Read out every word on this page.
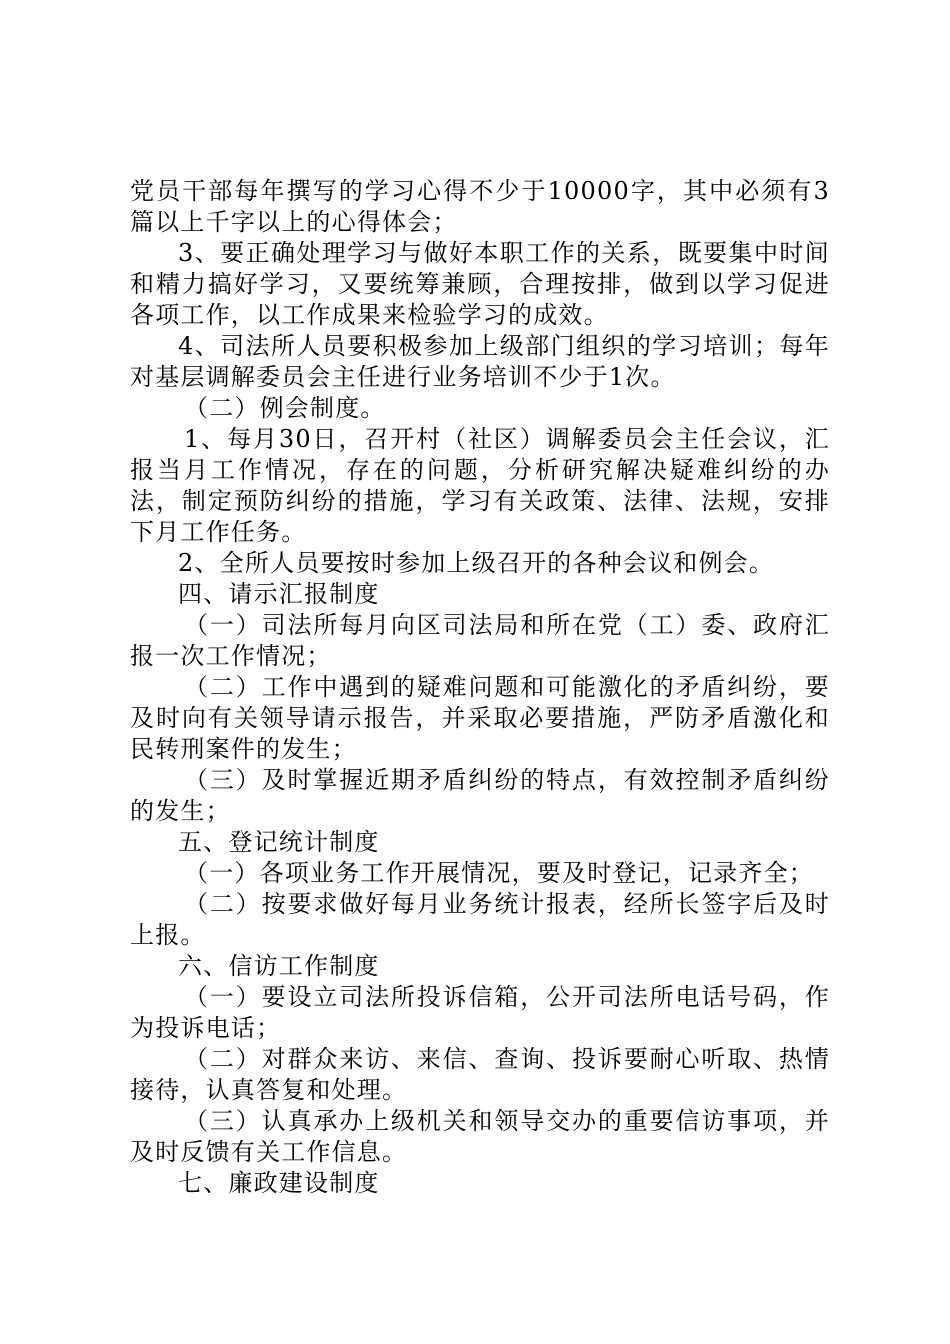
党员干部每年撰写的学习心得不少于10000字，其中必须有3篇以上千字以上的心得体会；

3、要正确处理学习与做好本职工作的关系，既要集中时间和精力搞好学习，又要统筹兼顾，合理按排，做到以学习促进各项工作，以工作成果来检验学习的成效。

4、司法所人员要积极参加上级部门组织的学习培训；每年对基层调解委员会主任进行业务培训不少于1次。

（二）例会制度。

1、每月30日，召开村（社区）调解委员会主任会议，汇报当月工作情况，存在的问题，分析研究解决疑难纠纷的办法，制定预防纠纷的措施，学习有关政策、法律、法规，安排下月工作任务。

2、全所人员要按时参加上级召开的各种会议和例会。

四、请示汇报制度

（一）司法所每月向区司法局和所在党（工）委、政府汇报一次工作情况；

（二）工作中遇到的疑难问题和可能激化的矛盾纠纷，要及时向有关领导请示报告，并采取必要措施，严防矛盾激化和民转刑案件的发生；

（三）及时掌握近期矛盾纠纷的特点，有效控制矛盾纠纷的发生；

五、登记统计制度

（一）各项业务工作开展情况，要及时登记，记录齐全；

（二）按要求做好每月业务统计报表，经所长签字后及时上报。

六、信访工作制度

（一）要设立司法所投诉信箱，公开司法所电话号码，作为投诉电话；

（二）对群众来访、来信、查询、投诉要耐心听取、热情接待，认真答复和处理。

（三）认真承办上级机关和领导交办的重要信访事项，并及时反馈有关工作信息。

七、廉政建设制度
